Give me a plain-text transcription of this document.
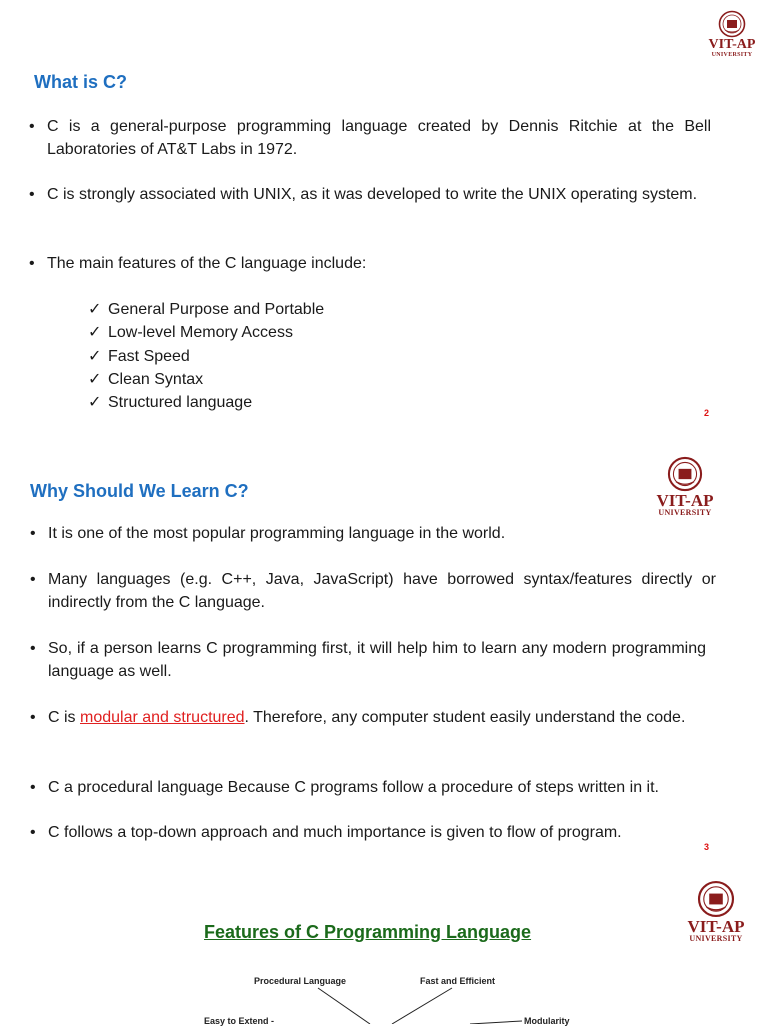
VIT-AP
UNIVERSITY
VIT-AP
UNIVERSITY
VIT-AP
UNIVERSITY
What is C?
• C is a general-purpose programming language created by Dennis Ritchie at the Bell Laboratories of AT&T Labs in 1972.
• C is strongly associated with UNIX, as it was developed to write the UNIX operating system.
• The main features of the C language include:
✓ General Purpose and Portable
✓ Low-level Memory Access
✓ Fast Speed
✓ Clean Syntax
✓ Structured language
2
Why Should We Learn C?
• It is one of the most popular programming language in the world.
• Many languages (e.g. C++, Java, JavaScript) have borrowed syntax/features directly or indirectly from the C language.
• So, if a person learns C programming first, it will help him to learn any modern programming language as well.
• C is modular and structured. Therefore, any computer student easily understand the code.
• C a procedural language Because C programs follow a procedure of steps written in it.
• C follows a top-down approach and much importance is given to flow of program.
3
Features of C Programming Language
Procedural Language	Fast and Efficient
Easy to Extend -	Modularity
